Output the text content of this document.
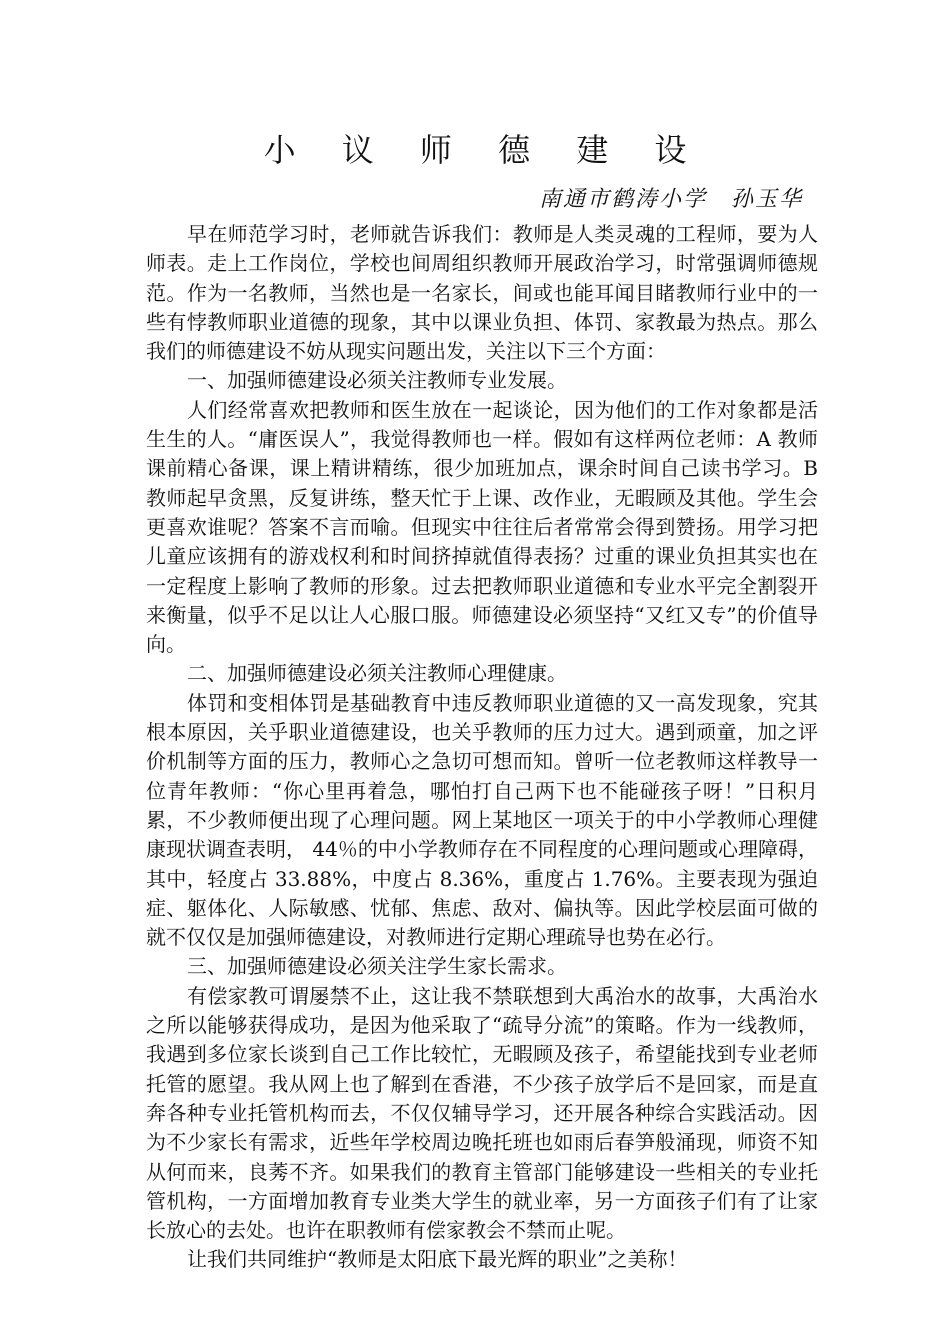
小 议 师 德 建 设
南通市鹤涛小学　孙玉华

早在师范学习时，老师就告诉我们：教师是人类灵魂的工程师，要为人师表。走上工作岗位，学校也间周组织教师开展政治学习，时常强调师德规范。作为一名教师，当然也是一名家长，间或也能耳闻目睹教师行业中的一些有悖教师职业道德的现象，其中以课业负担、体罚、家教最为热点。那么我们的师德建设不妨从现实问题出发，关注以下三个方面：

一、加强师德建设必须关注教师专业发展。

人们经常喜欢把教师和医生放在一起谈论，因为他们的工作对象都是活生生的人。“庸医误人”，我觉得教师也一样。假如有这样两位老师：A 教师课前精心备课，课上精讲精练，很少加班加点，课余时间自己读书学习。B 教师起早贪黑，反复讲练，整天忙于上课、改作业，无暇顾及其他。学生会更喜欢谁呢？答案不言而喻。但现实中往往后者常常会得到赞扬。用学习把儿童应该拥有的游戏权利和时间挤掉就值得表扬？过重的课业负担其实也在一定程度上影响了教师的形象。过去把教师职业道德和专业水平完全割裂开来衡量，似乎不足以让人心服口服。师德建设必须坚持“又红又专”的价值导向。

二、加强师德建设必须关注教师心理健康。

体罚和变相体罚是基础教育中违反教师职业道德的又一高发现象，究其根本原因，关乎职业道德建设，也关乎教师的压力过大。遇到顽童，加之评价机制等方面的压力，教师心之急切可想而知。曾听一位老教师这样教导一位青年教师：“你心里再着急，哪怕打自己两下也不能碰孩子呀！”日积月累，不少教师便出现了心理问题。网上某地区一项关于的中小学教师心理健康现状调查表明， 44％的中小学教师存在不同程度的心理问题或心理障碍，其中，轻度占 33.88%，中度占 8.36%，重度占 1.76%。主要表现为强迫症、躯体化、人际敏感、忧郁、焦虑、敌对、偏执等。因此学校层面可做的就不仅仅是加强师德建设，对教师进行定期心理疏导也势在必行。

三、加强师德建设必须关注学生家长需求。

有偿家教可谓屡禁不止，这让我不禁联想到大禹治水的故事，大禹治水之所以能够获得成功，是因为他采取了“疏导分流”的策略。作为一线教师，我遇到多位家长谈到自己工作比较忙，无暇顾及孩子，希望能找到专业老师托管的愿望。我从网上也了解到在香港，不少孩子放学后不是回家，而是直奔各种专业托管机构而去，不仅仅辅导学习，还开展各种综合实践活动。因为不少家长有需求，近些年学校周边晚托班也如雨后春笋般涌现，师资不知从何而来，良莠不齐。如果我们的教育主管部门能够建设一些相关的专业托管机构，一方面增加教育专业类大学生的就业率，另一方面孩子们有了让家长放心的去处。也许在职教师有偿家教会不禁而止呢。

让我们共同维护“教师是太阳底下最光辉的职业”之美称！
